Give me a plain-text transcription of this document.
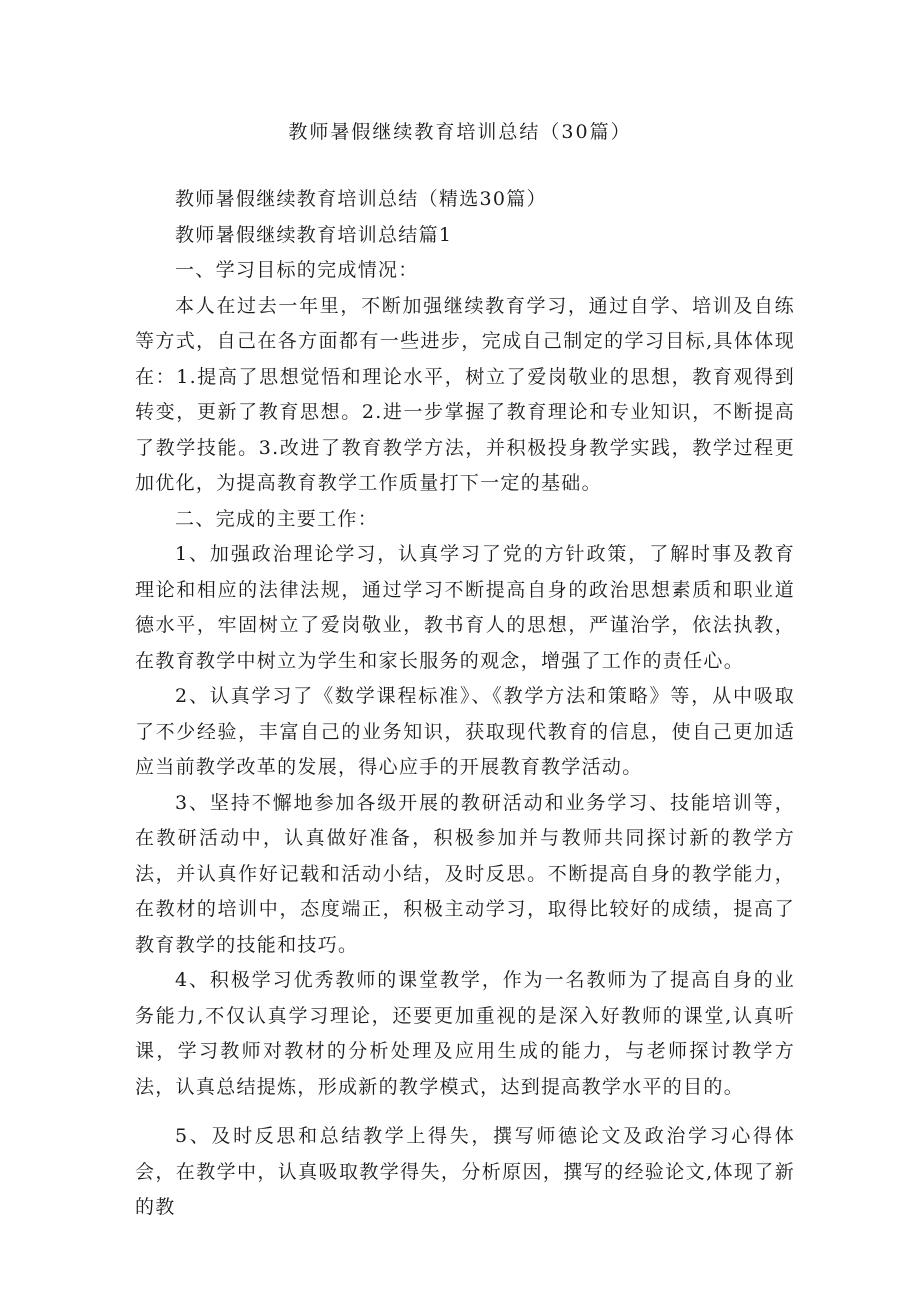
教师暑假继续教育培训总结（30篇）

教师暑假继续教育培训总结（精选30篇）

教师暑假继续教育培训总结篇1

一、学习目标的完成情况：

本人在过去一年里，不断加强继续教育学习，通过自学、培训及自练等方式，自己在各方面都有一些进步，完成自己制定的学习目标,具体体现在：1.提高了思想觉悟和理论水平，树立了爱岗敬业的思想，教育观得到转变，更新了教育思想。2.进一步掌握了教育理论和专业知识，不断提高了教学技能。3.改进了教育教学方法，并积极投身教学实践，教学过程更加优化，为提高教育教学工作质量打下一定的基础。

二、完成的主要工作：

1、加强政治理论学习，认真学习了党的方针政策，了解时事及教育理论和相应的法律法规，通过学习不断提高自身的政治思想素质和职业道德水平，牢固树立了爱岗敬业，教书育人的思想，严谨治学，依法执教，在教育教学中树立为学生和家长服务的观念，增强了工作的责任心。

2、认真学习了《数学课程标准》、《教学方法和策略》等，从中吸取了不少经验，丰富自己的业务知识，获取现代教育的信息，使自己更加适应当前教学改革的发展，得心应手的开展教育教学活动。

3、坚持不懈地参加各级开展的教研活动和业务学习、技能培训等，在教研活动中，认真做好准备，积极参加并与教师共同探讨新的教学方法，并认真作好记载和活动小结，及时反思。不断提高自身的教学能力，在教材的培训中，态度端正，积极主动学习，取得比较好的成绩，提高了教育教学的技能和技巧。

4、积极学习优秀教师的课堂教学，作为一名教师为了提高自身的业务能力,不仅认真学习理论，还要更加重视的是深入好教师的课堂,认真听课，学习教师对教材的分析处理及应用生成的能力，与老师探讨教学方法，认真总结提炼，形成新的教学模式，达到提高教学水平的目的。

5、及时反思和总结教学上得失，撰写师德论文及政治学习心得体会，在教学中，认真吸取教学得失，分析原因，撰写的经验论文,体现了新的教
